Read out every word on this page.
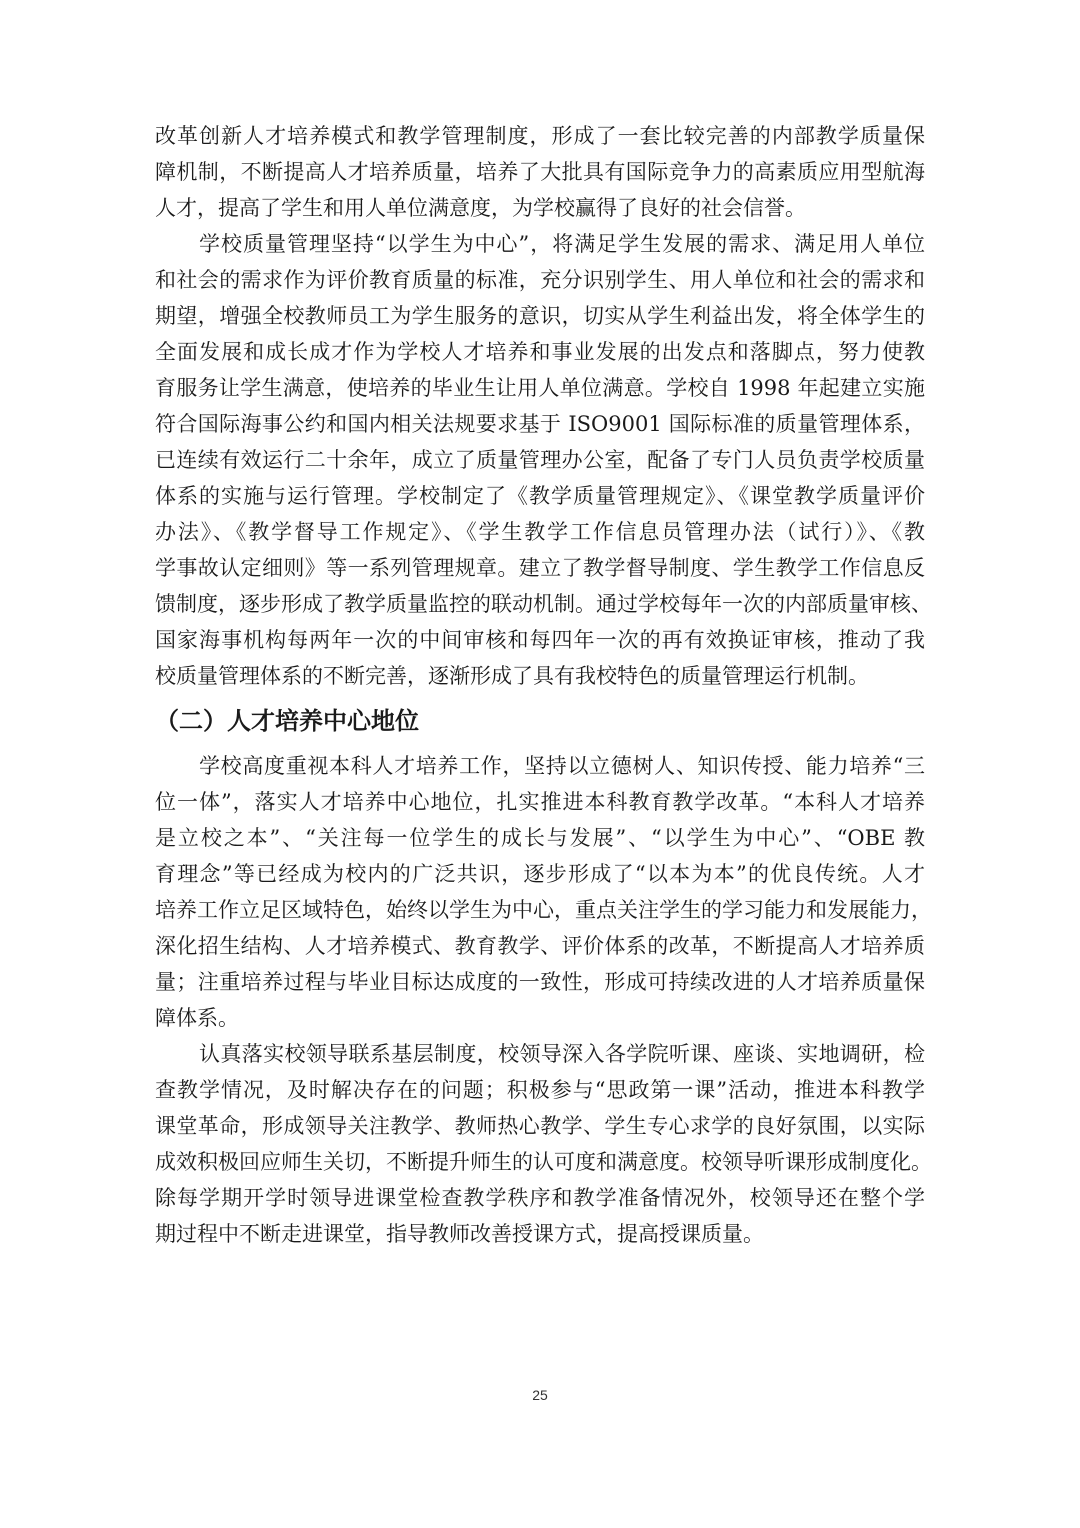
改革创新人才培养模式和教学管理制度，形成了一套比较完善的内部教学质量保
障机制，不断提高人才培养质量，培养了大批具有国际竞争力的高素质应用型航海
人才，提高了学生和用人单位满意度，为学校赢得了良好的社会信誉。
学校质量管理坚持“以学生为中心”，将满足学生发展的需求、满足用人单位
和社会的需求作为评价教育质量的标准，充分识别学生、用人单位和社会的需求和
期望，增强全校教师员工为学生服务的意识，切实从学生利益出发，将全体学生的
全面发展和成长成才作为学校人才培养和事业发展的出发点和落脚点，努力使教
育服务让学生满意，使培养的毕业生让用人单位满意。学校自 1998 年起建立实施
符合国际海事公约和国内相关法规要求基于 ISO9001 国际标准的质量管理体系，
已连续有效运行二十余年，成立了质量管理办公室，配备了专门人员负责学校质量
体系的实施与运行管理。学校制定了《教学质量管理规定》、《课堂教学质量评价
办法》、《教学督导工作规定》、《学生教学工作信息员管理办法（试行）》、《教
学事故认定细则》等一系列管理规章。建立了教学督导制度、学生教学工作信息反
馈制度，逐步形成了教学质量监控的联动机制。通过学校每年一次的内部质量审核、
国家海事机构每两年一次的中间审核和每四年一次的再有效换证审核，推动了我
校质量管理体系的不断完善，逐渐形成了具有我校特色的质量管理运行机制。
（二）人才培养中心地位
学校高度重视本科人才培养工作，坚持以立德树人、知识传授、能力培养“三
位一体”，落实人才培养中心地位，扎实推进本科教育教学改革。“本科人才培养
是立校之本”、“关注每一位学生的成长与发展”、“以学生为中心”、“OBE 教
育理念”等已经成为校内的广泛共识，逐步形成了“以本为本”的优良传统。人才
培养工作立足区域特色，始终以学生为中心，重点关注学生的学习能力和发展能力，
深化招生结构、人才培养模式、教育教学、评价体系的改革，不断提高人才培养质
量；注重培养过程与毕业目标达成度的一致性，形成可持续改进的人才培养质量保
障体系。
认真落实校领导联系基层制度，校领导深入各学院听课、座谈、实地调研，检
查教学情况，及时解决存在的问题；积极参与“思政第一课”活动，推进本科教学
课堂革命，形成领导关注教学、教师热心教学、学生专心求学的良好氛围，以实际
成效积极回应师生关切，不断提升师生的认可度和满意度。校领导听课形成制度化。
除每学期开学时领导进课堂检查教学秩序和教学准备情况外，校领导还在整个学
期过程中不断走进课堂，指导教师改善授课方式，提高授课质量。
25
